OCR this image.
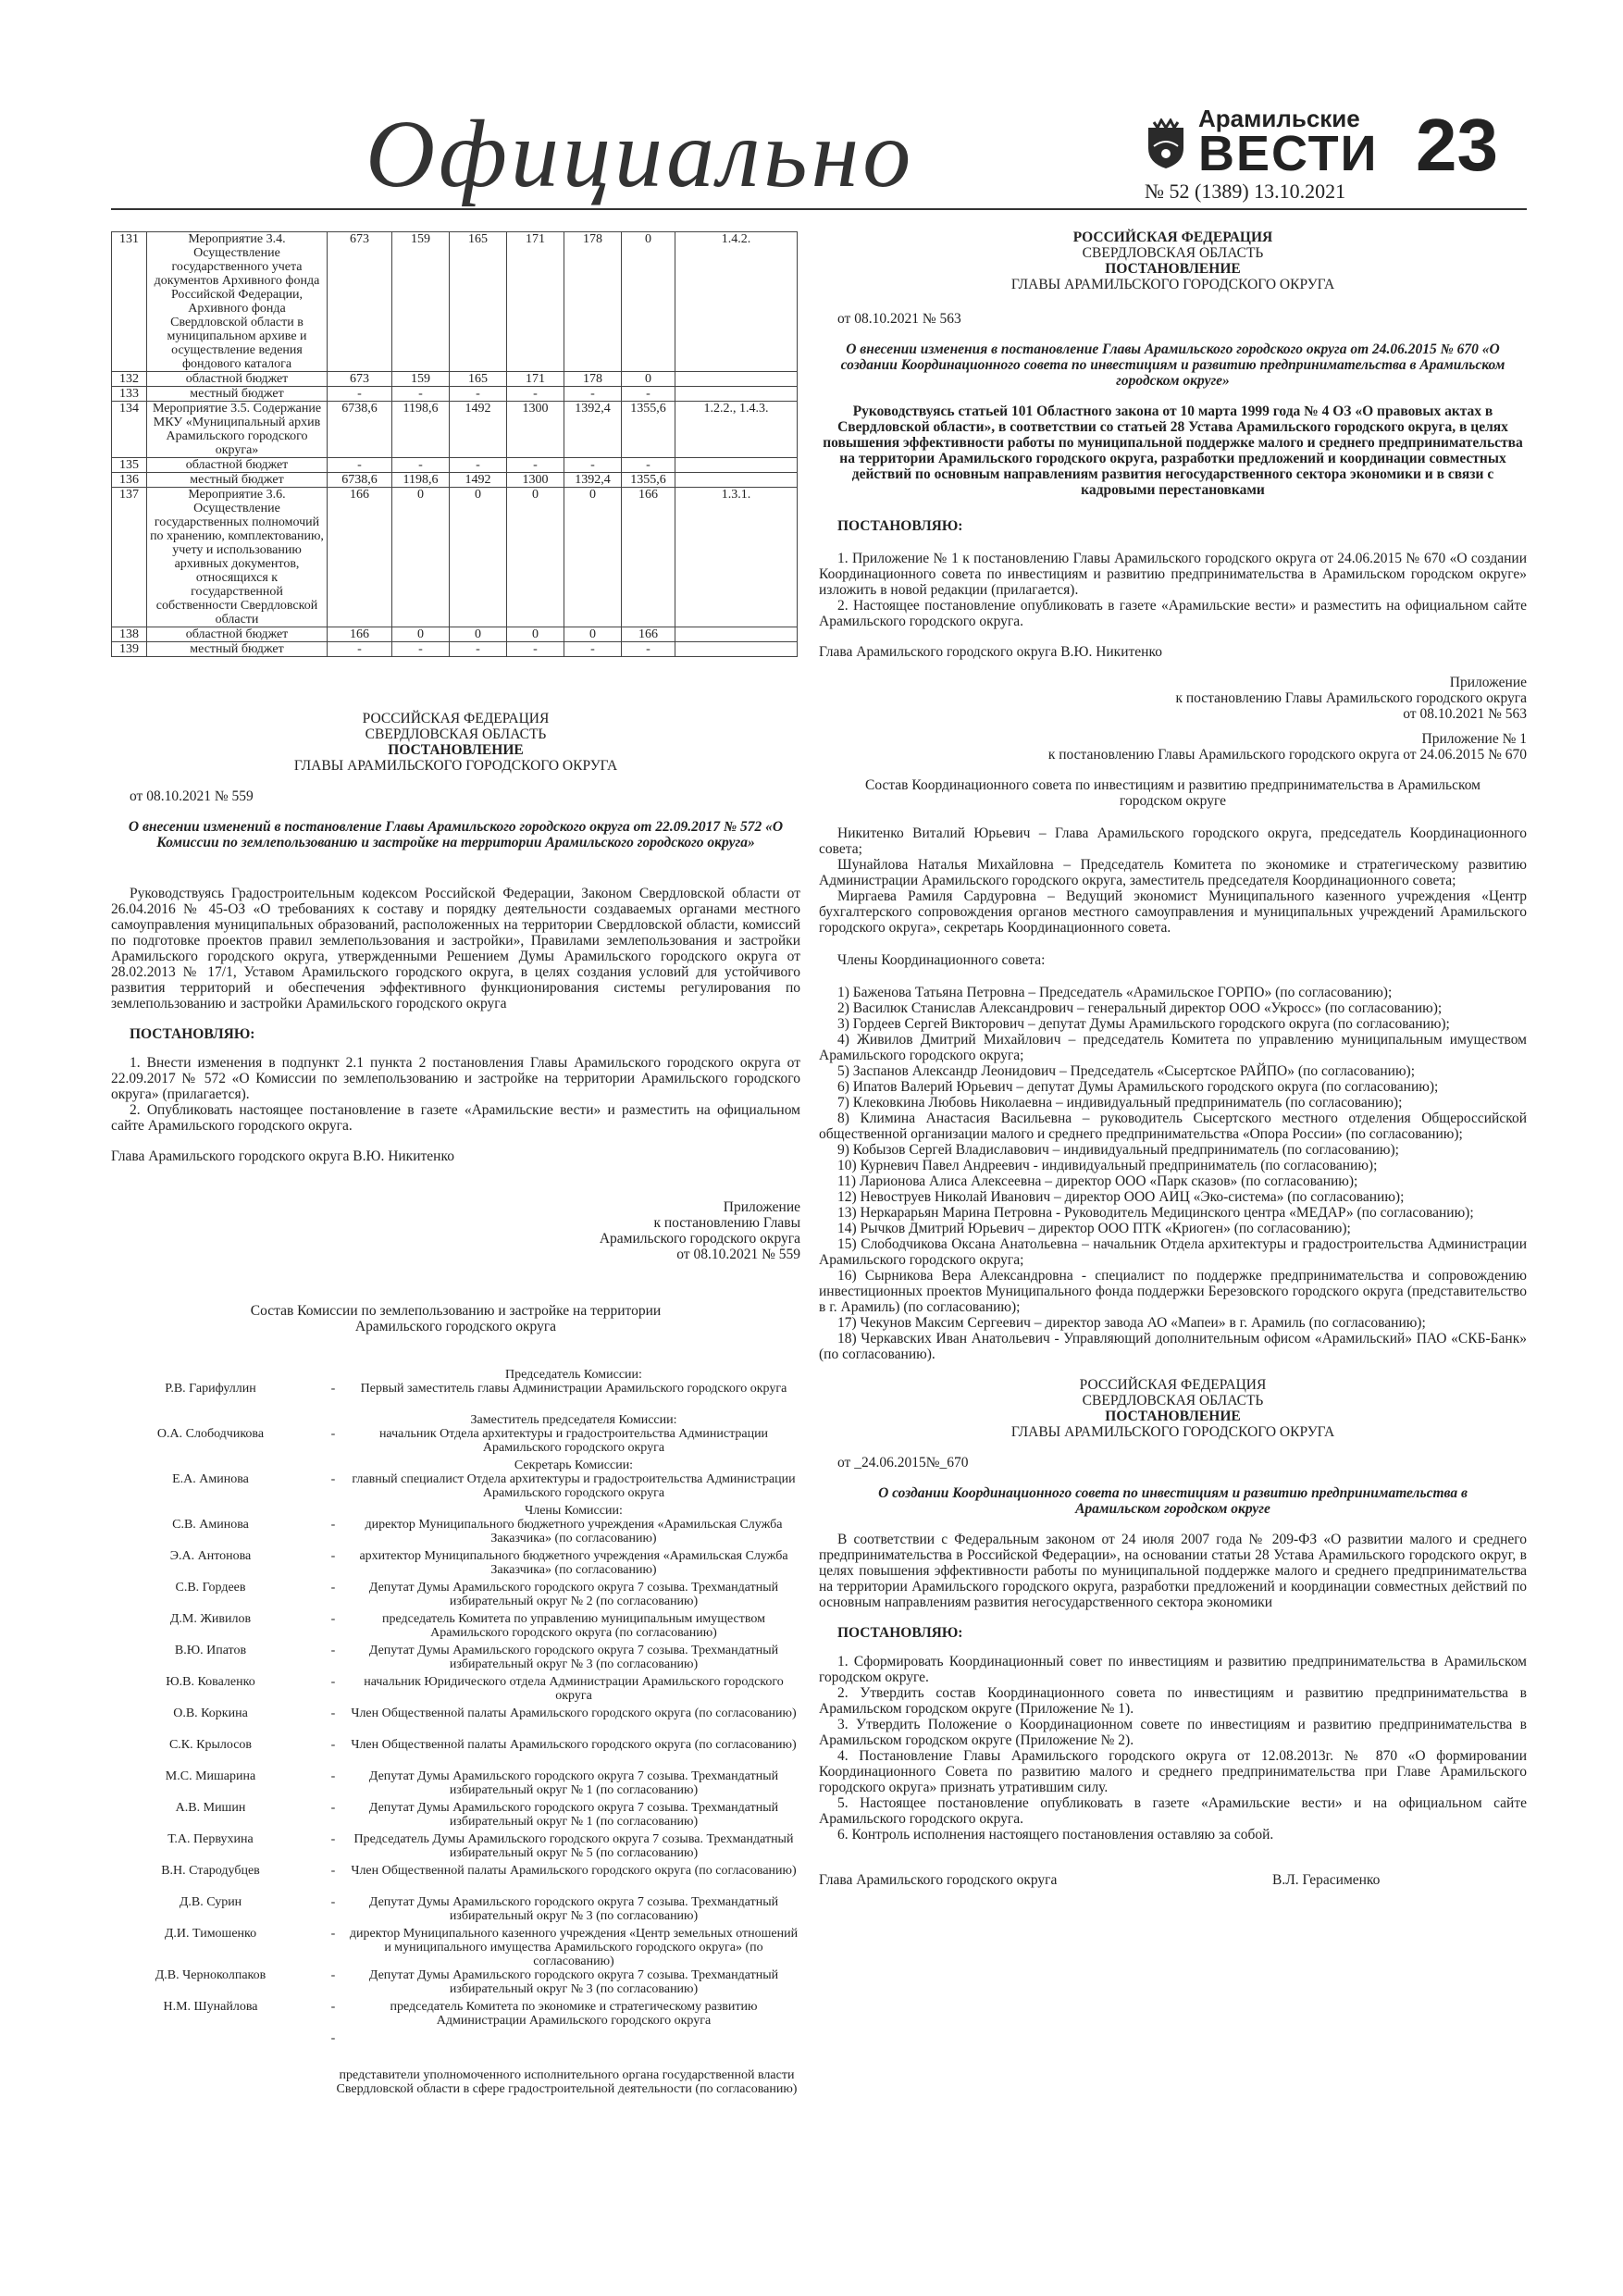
Официально	Арамильские
ВЕСТИ
№ 52 (1389) 13.10.2021
23
131	Мероприятие 3.4. Осуществление государственного учета документов Архивного фонда Российской Федерации, Архивного фонда Свердловской области в муниципальном архиве и осуществление ведения фондового каталога	673	159	165	171	178	0	1.4.2.
132	областной бюджет	673	159	165	171	178	0	
133	местный бюджет	-	-	-	-	-	-	
134	Мероприятие 3.5. Содержание МКУ «Муниципальный архив Арамильского городского округа»	6738,6	1198,6	1492	1300	1392,4	1355,6	1.2.2., 1.4.3.
135	областной бюджет	-	-	-	-	-	-	
136	местный бюджет	6738,6	1198,6	1492	1300	1392,4	1355,6	
137	Мероприятие 3.6. Осуществление государственных полномочий по хранению, комплектованию, учету и использованию архивных документов, относящихся к государственной собственности Свердловской области	166	0	0	0	0	166	1.3.1.
138	областной бюджет	166	0	0	0	0	166	
139	местный бюджет	-	-	-	-	-	-	

РОССИЙСКАЯ ФЕДЕРАЦИЯ

СВЕРДЛОВСКАЯ ОБЛАСТЬ

ПОСТАНОВЛЕНИЕ

ГЛАВЫ АРАМИЛЬСКОГО ГОРОДСКОГО ОКРУГА

от 08.10.2021 № 559

О внесении изменений в постановление Главы Арамильского городского округа от 22.09.2017 № 572 «О Комиссии по землепользованию и застройке на территории Арамильского городского округа»

Руководствуясь Градостроительным кодексом Российской Федерации, Законом Свердловской области от 26.04.2016 № 45-ОЗ «О требованиях к составу и порядку деятельности создаваемых органами местного самоуправления муниципальных образований, расположенных на территории Свердловской области, комиссий по подготовке проектов правил землепользования и застройки», Правилами землепользования и застройки Арамильского городского округа, утвержденными Решением Думы Арамильского городского округа от 28.02.2013 № 17/1, Уставом Арамильского городского округа, в целях создания условий для устойчивого развития территорий и обеспечения эффективного функционирования системы регулирования по землепользованию и застройки Арамильского городского округа

ПОСТАНОВЛЯЮ:

1. Внести изменения в подпункт 2.1 пункта 2 постановления Главы Арамильского городского округа от 22.09.2017 № 572 «О Комиссии по землепользованию и застройке на территории Арамильского городского округа» (прилагается).

2. Опубликовать настоящее постановление в газете «Арамильские вести» и разместить на официальном сайте Арамильского городского округа.

Глава Арамильского городского округа В.Ю. Никитенко

Приложение

к постановлению Главы

Арамильского городского округа

от 08.10.2021 № 559

Состав Комиссии по землепользованию и застройке на территории

Арамильского городского округа

		Председатель Комиссии:
Р.В. Гарифуллин	-	Первый заместитель главы Администрации Арамильского городского округа
		Заместитель председателя Комиссии:
О.А. Слободчикова	-	начальник Отдела архитектуры и градостроительства Администрации Арамильского городского округа
		Секретарь Комиссии:
Е.А. Аминова	-	главный специалист Отдела архитектуры и градостроительства Администрации Арамильского городского округа
		Члены Комиссии:
С.В. Аминова	-	директор Муниципального бюджетного учреждения «Арамильская Служба Заказчика» (по согласованию)
Э.А. Антонова	-	архитектор Муниципального бюджетного учреждения «Арамильская Служба Заказчика» (по согласованию)
С.В. Гордеев	-	Депутат Думы Арамильского городского округа 7 созыва. Трехмандатный избирательный округ № 2 (по согласованию)
Д.М. Живилов	-	председатель Комитета по управлению муниципальным имуществом Арамильского городского округа (по согласованию)
В.Ю. Ипатов	-	Депутат Думы Арамильского городского округа 7 созыва. Трехмандатный избирательный округ № 3 (по согласованию)
Ю.В. Коваленко	-	начальник Юридического отдела Администрации Арамильского городского округа
О.В. Коркина	-	Член Общественной палаты Арамильского городского округа (по согласованию)
С.К. Крылосов	-	Член Общественной палаты Арамильского городского округа (по согласованию)
М.С. Мишарина	-	Депутат Думы Арамильского городского округа 7 созыва. Трехмандатный избирательный округ № 1 (по согласованию)
А.В. Мишин	-	Депутат Думы Арамильского городского округа 7 созыва. Трехмандатный избирательный округ № 1 (по согласованию)
Т.А. Первухина	-	Председатель Думы Арамильского городского округа 7 созыва. Трехмандатный избирательный округ № 5 (по согласованию)
В.Н. Стародубцев	-	Член Общественной палаты Арамильского городского округа (по согласованию)
Д.В. Сурин	-	Депутат Думы Арамильского городского округа 7 созыва. Трехмандатный избирательный округ № 3 (по согласованию)
Д.И. Тимошенко	-	директор Муниципального казенного учреждения «Центр земельных отношений и муниципального имущества Арамильского городского округа» (по согласованию)
Д.В. Черноколпаков	-	Депутат Думы Арамильского городского округа 7 созыва. Трехмандатный избирательный округ № 3 (по согласованию)
Н.М. Шунайлова	-	председатель Комитета по экономике и стратегическому развитию Администрации Арамильского городского округа
	-	

представители уполномоченного исполнительного органа государственной власти Свердловской области в сфере градостроительной деятельности (по согласованию)

РОССИЙСКАЯ ФЕДЕРАЦИЯ

СВЕРДЛОВСКАЯ ОБЛАСТЬ

ПОСТАНОВЛЕНИЕ

ГЛАВЫ АРАМИЛЬСКОГО ГОРОДСКОГО ОКРУГА

от 08.10.2021 № 563

О внесении изменения в постановление Главы Арамильского городского округа от 24.06.2015 № 670 «О создании Координационного совета по инвестициям и развитию предпринимательства в Арамильском городском округе»

Руководствуясь статьей 101 Областного закона от 10 марта 1999 года № 4 ОЗ «О правовых актах в Свердловской области», в соответствии со статьей 28 Устава Арамильского городского округа, в целях повышения эффективности работы по муниципальной поддержке малого и среднего предпринимательства на территории Арамильского городского округа, разработки предложений и координации совместных действий по основным направлениям развития негосударственного сектора экономики и в связи с кадровыми перестановками

ПОСТАНОВЛЯЮ:

1. Приложение № 1 к постановлению Главы Арамильского городского округа от 24.06.2015 № 670 «О создании Координационного совета по инвестициям и развитию предпринимательства в Арамильском городском округе» изложить в новой редакции (прилагается).

2. Настоящее постановление опубликовать в газете «Арамильские вести» и разместить на официальном сайте Арамильского городского округа.

Глава Арамильского городского округа В.Ю. Никитенко

Приложение

к постановлению Главы Арамильского городского округа

от 08.10.2021 № 563

Приложение № 1

к постановлению Главы Арамильского городского округа от 24.06.2015 № 670

Состав Координационного совета по инвестициям и развитию предпринимательства в Арамильском городском округе

Никитенко Виталий Юрьевич – Глава Арамильского городского округа, председатель Координационного совета;

Шунайлова Наталья Михайловна – Председатель Комитета по экономике и стратегическому развитию Администрации Арамильского городского округа, заместитель председателя Координационного совета;

Миргаева Рамиля Сардуровна – Ведущий экономист Муниципального казенного учреждения «Центр бухгалтерского сопровождения органов местного самоуправления и муниципальных учреждений Арамильского городского округа», секретарь Координационного совета.

Члены Координационного совета:

1) Баженова Татьяна Петровна – Председатель «Арамильское ГОРПО» (по согласованию);

2) Василюк Станислав Александрович – генеральный директор ООО «Укросс» (по согласованию);

3) Гордеев Сергей Викторович – депутат Думы Арамильского городского округа (по согласованию);

4) Живилов Дмитрий Михайлович – председатель Комитета по управлению муниципальным имуществом Арамильского городского округа;

5) Заспанов Александр Леонидович – Председатель «Сысертское РАЙПО» (по согласованию);

6) Ипатов Валерий Юрьевич – депутат Думы Арамильского городского округа (по согласованию);

7) Клековкина Любовь Николаевна – индивидуальный предприниматель (по согласованию);

8) Климина Анастасия Васильевна – руководитель Сысертского местного отделения Общероссийской общественной организации малого и среднего предпринимательства «Опора России» (по согласованию);

9) Кобызов Сергей Владиславович – индивидуальный предприниматель (по согласованию);

10) Курневич Павел Андреевич - индивидуальный предприниматель (по согласованию);

11) Ларионова Алиса Алексеевна – директор ООО «Парк сказов» (по согласованию);

12) Невоструев Николай Иванович – директор ООО АИЦ «Эко-система» (по согласованию);

13) Неркарарьян Марина Петровна - Руководитель Медицинского центра «МЕДАР» (по согласованию);

14) Рычков Дмитрий Юрьевич – директор ООО ПТК «Криоген» (по согласованию);

15) Слободчикова Оксана Анатольевна – начальник Отдела архитектуры и градостроительства Администрации Арамильского городского округа;

16) Сырникова Вера Александровна - специалист по поддержке предпринимательства и сопровождению инвестиционных проектов Муниципального фонда поддержки Березовского городского округа (представительство в г. Арамиль) (по согласованию);

17) Чекунов Максим Сергеевич – директор завода АО «Мапеи» в г. Арамиль (по согласованию);

18) Черкавских Иван Анатольевич - Управляющий дополнительным офисом «Арамильский» ПАО «СКБ-Банк» (по согласованию).

РОССИЙСКАЯ ФЕДЕРАЦИЯ

СВЕРДЛОВСКАЯ ОБЛАСТЬ

ПОСТАНОВЛЕНИЕ

ГЛАВЫ АРАМИЛЬСКОГО ГОРОДСКОГО ОКРУГА

от _24.06.2015№_670

О создании Координационного совета по инвестициям и развитию предпринимательства в Арамильском городском округе

В соответствии с Федеральным законом от 24 июля 2007 года № 209-ФЗ «О развитии малого и среднего предпринимательства в Российской Федерации», на основании статьи 28 Устава Арамильского городского округ, в целях повышения эффективности работы по муниципальной поддержке малого и среднего предпринимательства на территории Арамильского городского округа, разработки предложений и координации совместных действий по основным направлениям развития негосударственного сектора экономики

ПОСТАНОВЛЯЮ:

1. Сформировать Координационный совет по инвестициям и развитию предпринимательства в Арамильском городском округе.

2. Утвердить состав Координационного совета по инвестициям и развитию предпринимательства в Арамильском городском округе (Приложение № 1).

3. Утвердить Положение о Координационном совете по инвестициям и развитию предпринимательства в Арамильском городском округе (Приложение № 2).

4. Постановление Главы Арамильского городского округа от 12.08.2013г. № 870 «О формировании Координационного Совета по развитию малого и среднего предпринимательства при Главе Арамильского городского округа» признать утратившим силу.

5. Настоящее постановление опубликовать в газете «Арамильские вести» и на официальном сайте Арамильского городского округа.

6. Контроль исполнения настоящего постановления оставляю за собой.

Глава Арамильского городского округа	В.Л. Герасименко
